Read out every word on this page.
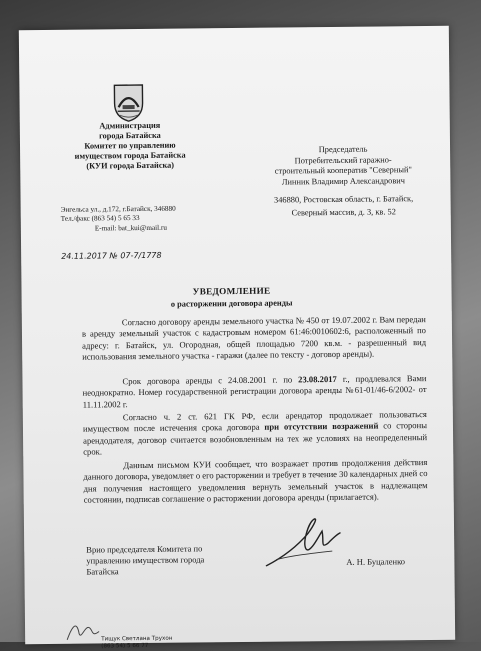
Администрация
города Батайска
Комитет по управлению
имуществом города Батайска
(КУИ города Батайска)
Энгельса ул., д.172, г.Батайск, 346880
Тел./факс (863 54) 5 65 33
E-mail: bat_kui@mail.ru
24.11.2017 № 07-7/1778
Председатель
Потребительский гаражно-
строительный кооператив "Северный"
Линник Владимир Александрович
346880, Ростовская область, г. Батайск,
Северный массив, д. 3, кв. 52
УВЕДОМЛЕНИЕ
о расторжении договора аренды
Согласно договору аренды земельного участка № 450 от 19.07.2002 г. Вам передан в аренду земельный участок с кадастровым номером 61:46:0010602:6, расположенный по адресу: г. Батайск, ул. Огородная, общей площадью 7200 кв.м. - разрешенный вид использования земельного участка - гаражи (далее по тексту - договор аренды).
Срок договора аренды с 24.08.2001 г. по 23.08.2017 г., продлевался Вами неоднократно. Номер государственной регистрации договора аренды №61-01/46-6/2002- от 11.11.2002 г.
Согласно ч. 2 ст. 621 ГК РФ, если арендатор продолжает пользоваться имуществом после истечения срока договора при отсутствии возражений со стороны арендодателя, договор считается возобновленным на тех же условиях на неопределенный срок.
Данным письмом КУИ сообщает, что возражает против продолжения действия данного договора, уведомляет о его расторжении и требует в течение 30 календарных дней со дня получения настоящего уведомления вернуть земельный участок в надлежащем состоянии, подписав соглашение о расторжении договора аренды (прилагается).
Врио председателя Комитета по
управлению имуществом города
Батайска
А. Н. Буцаленко
Тищук Светлана Трухон
(863 54) 5 66 77
